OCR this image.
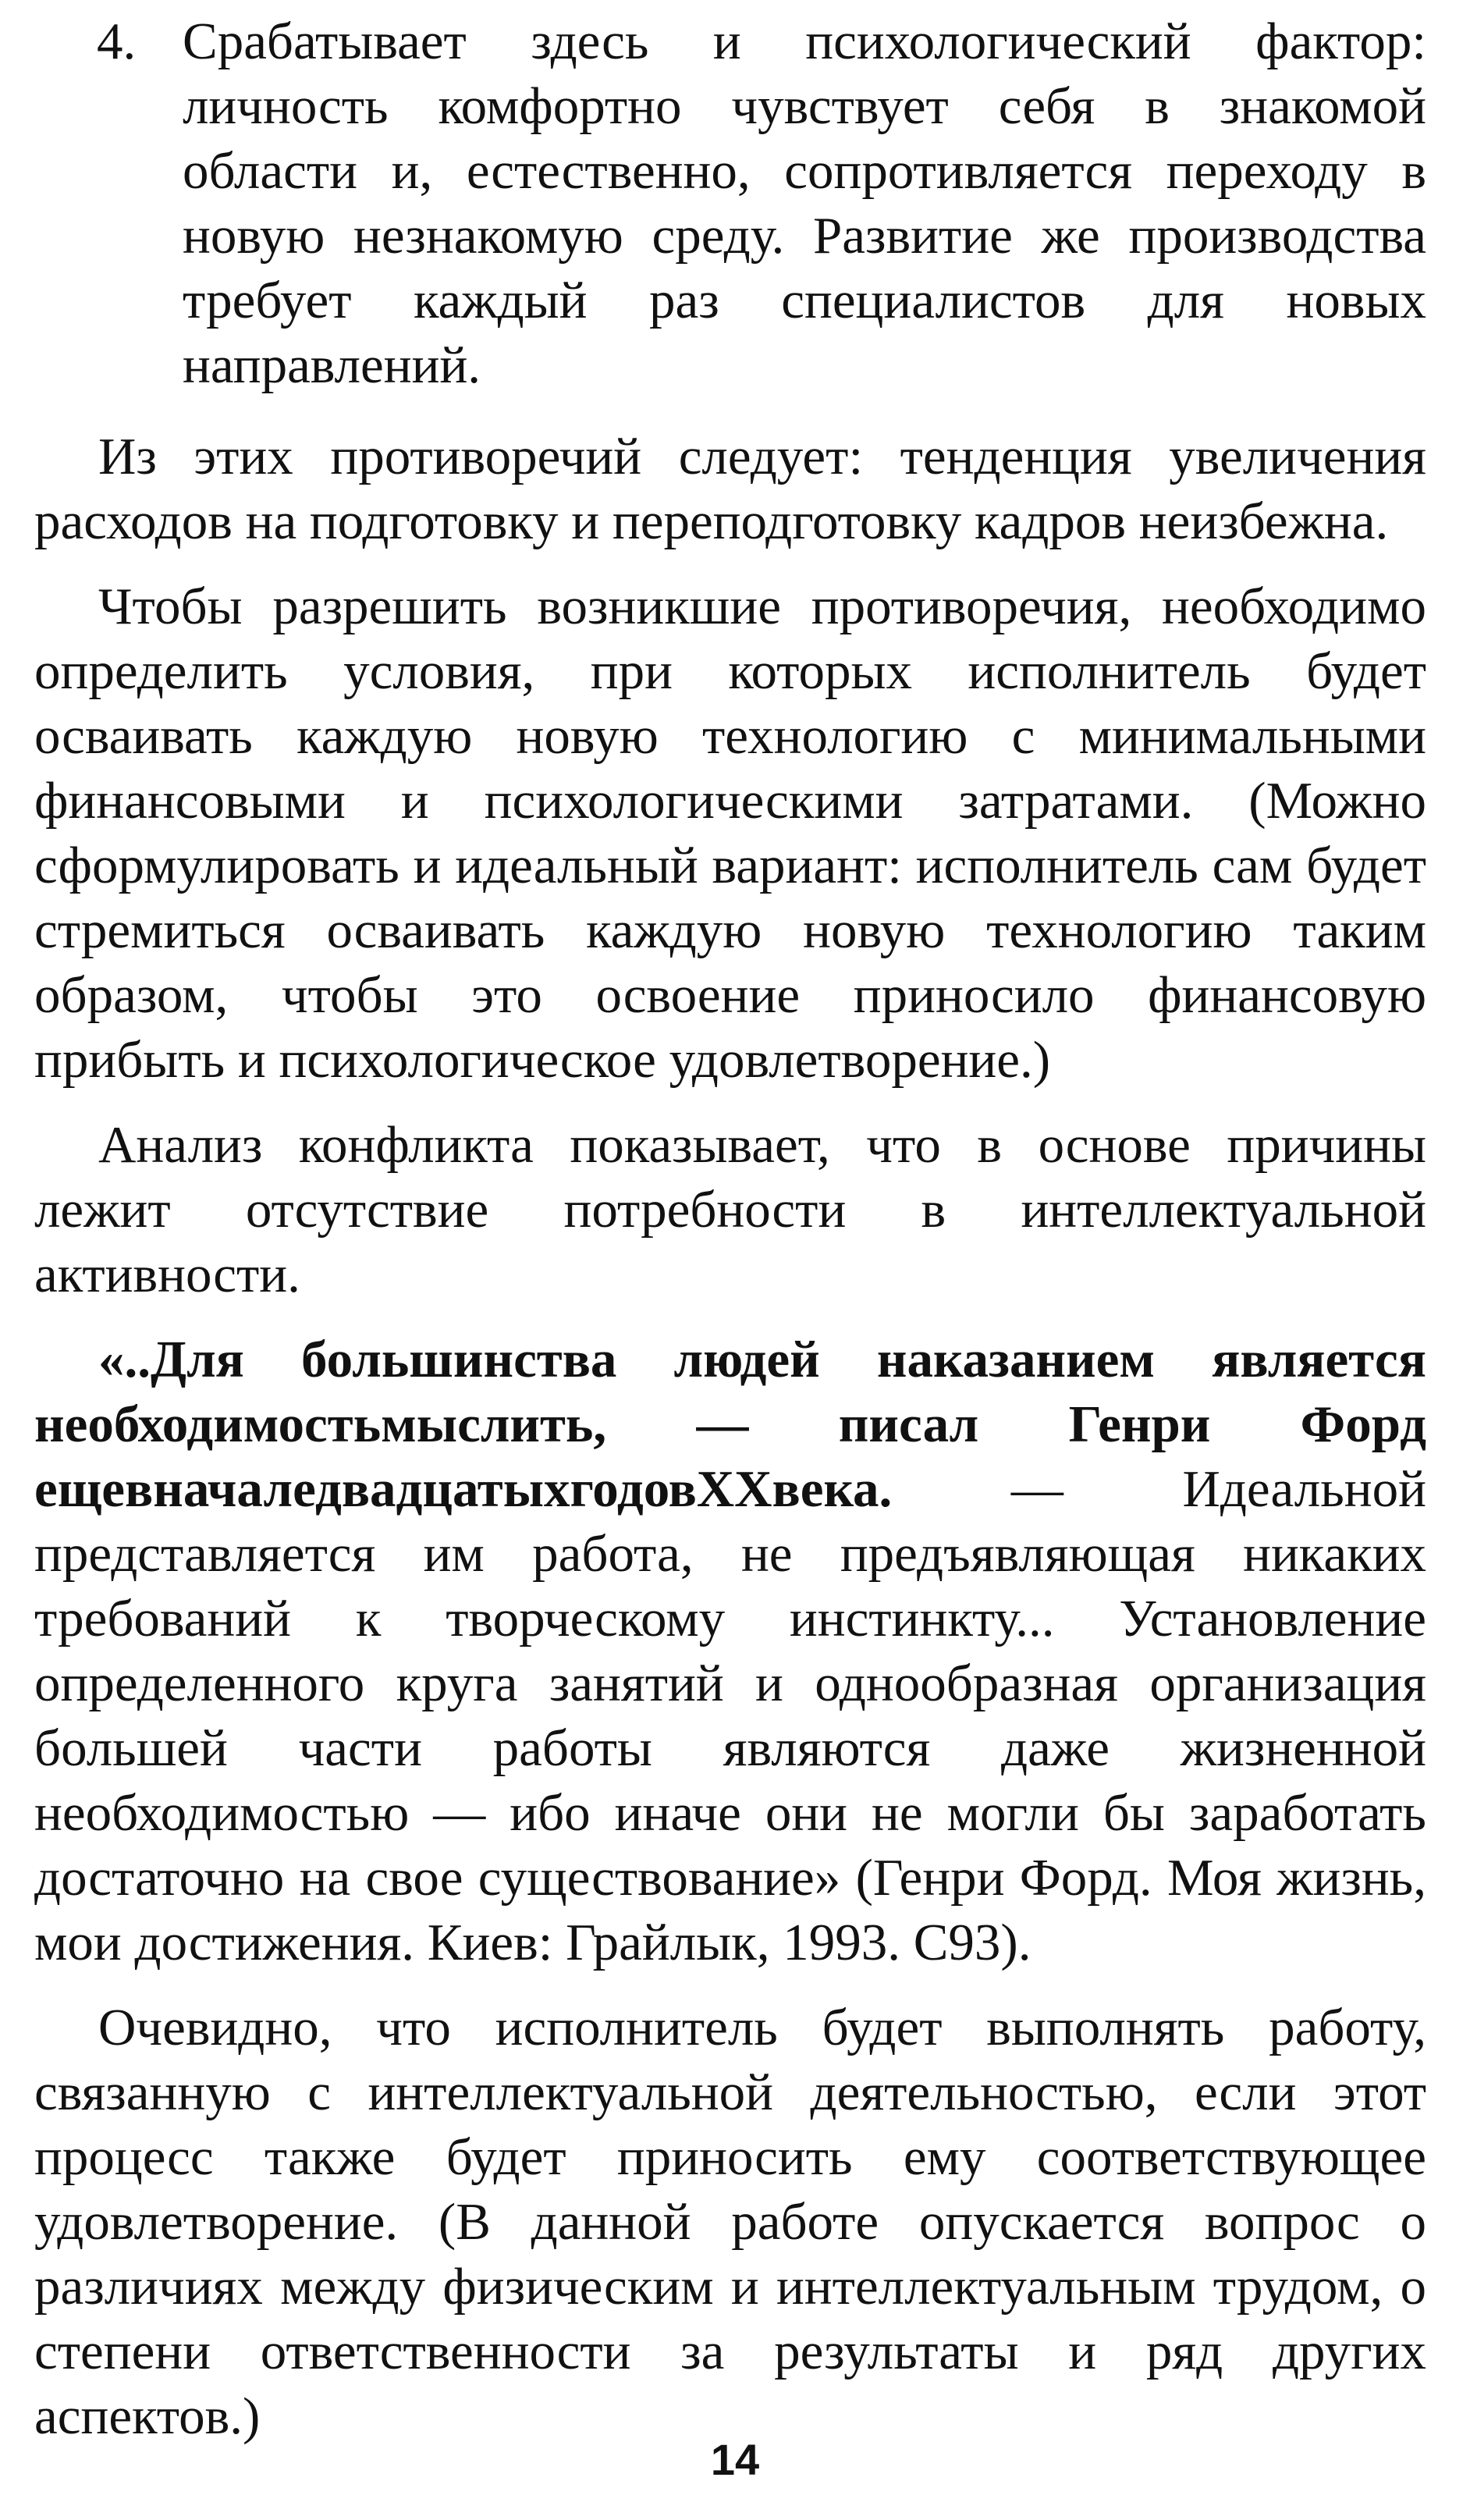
4. Срабатывает здесь и психологический фактор: личность комфортно чувствует себя в знакомой области и, естественно, сопротивляется переходу в новую незнакомую среду. Развитие же производства требует каждый раз специалистов для новых направлений.

Из этих противоречий следует: тенденция увеличения расходов на подготовку и переподготовку кадров неизбежна.

Чтобы разрешить возникшие противоречия, необходимо определить условия, при которых исполнитель будет осваивать каждую новую технологию с минимальными финансовыми и психологическими затратами. (Можно сформулировать и идеальный вариант: исполнитель сам будет стремиться осваивать каждую новую технологию таким образом, чтобы это освоение приносило финансовую прибыть и психологическое удовлетворение.)

Анализ конфликта показывает, что в основе причины лежит отсутствие потребности в интеллектуальной активности.

«..Для большинства людей наказанием является необходимостьмыслить, — писал Генри Форд ещевначаледвадцатыхгодовXXвека. — Идеальной представляется им работа, не предъявляющая никаких требований к творческому инстинкту... Установление определенного круга занятий и однообразная организация большей части работы являются даже жизненной необходимостью — ибо иначе они не могли бы заработать достаточно на свое существование» (Генри Форд. Моя жизнь, мои достижения. Киев: Грайлык, 1993. С93).

Очевидно, что исполнитель будет выполнять работу, связанную с интеллектуальной деятельностью, если этот процесс также будет приносить ему соответствующее удовлетворение. (В данной работе опускается вопрос о различиях между физическим и интеллектуальным трудом, о степени ответственности за результаты и ряд других аспектов.)

14
